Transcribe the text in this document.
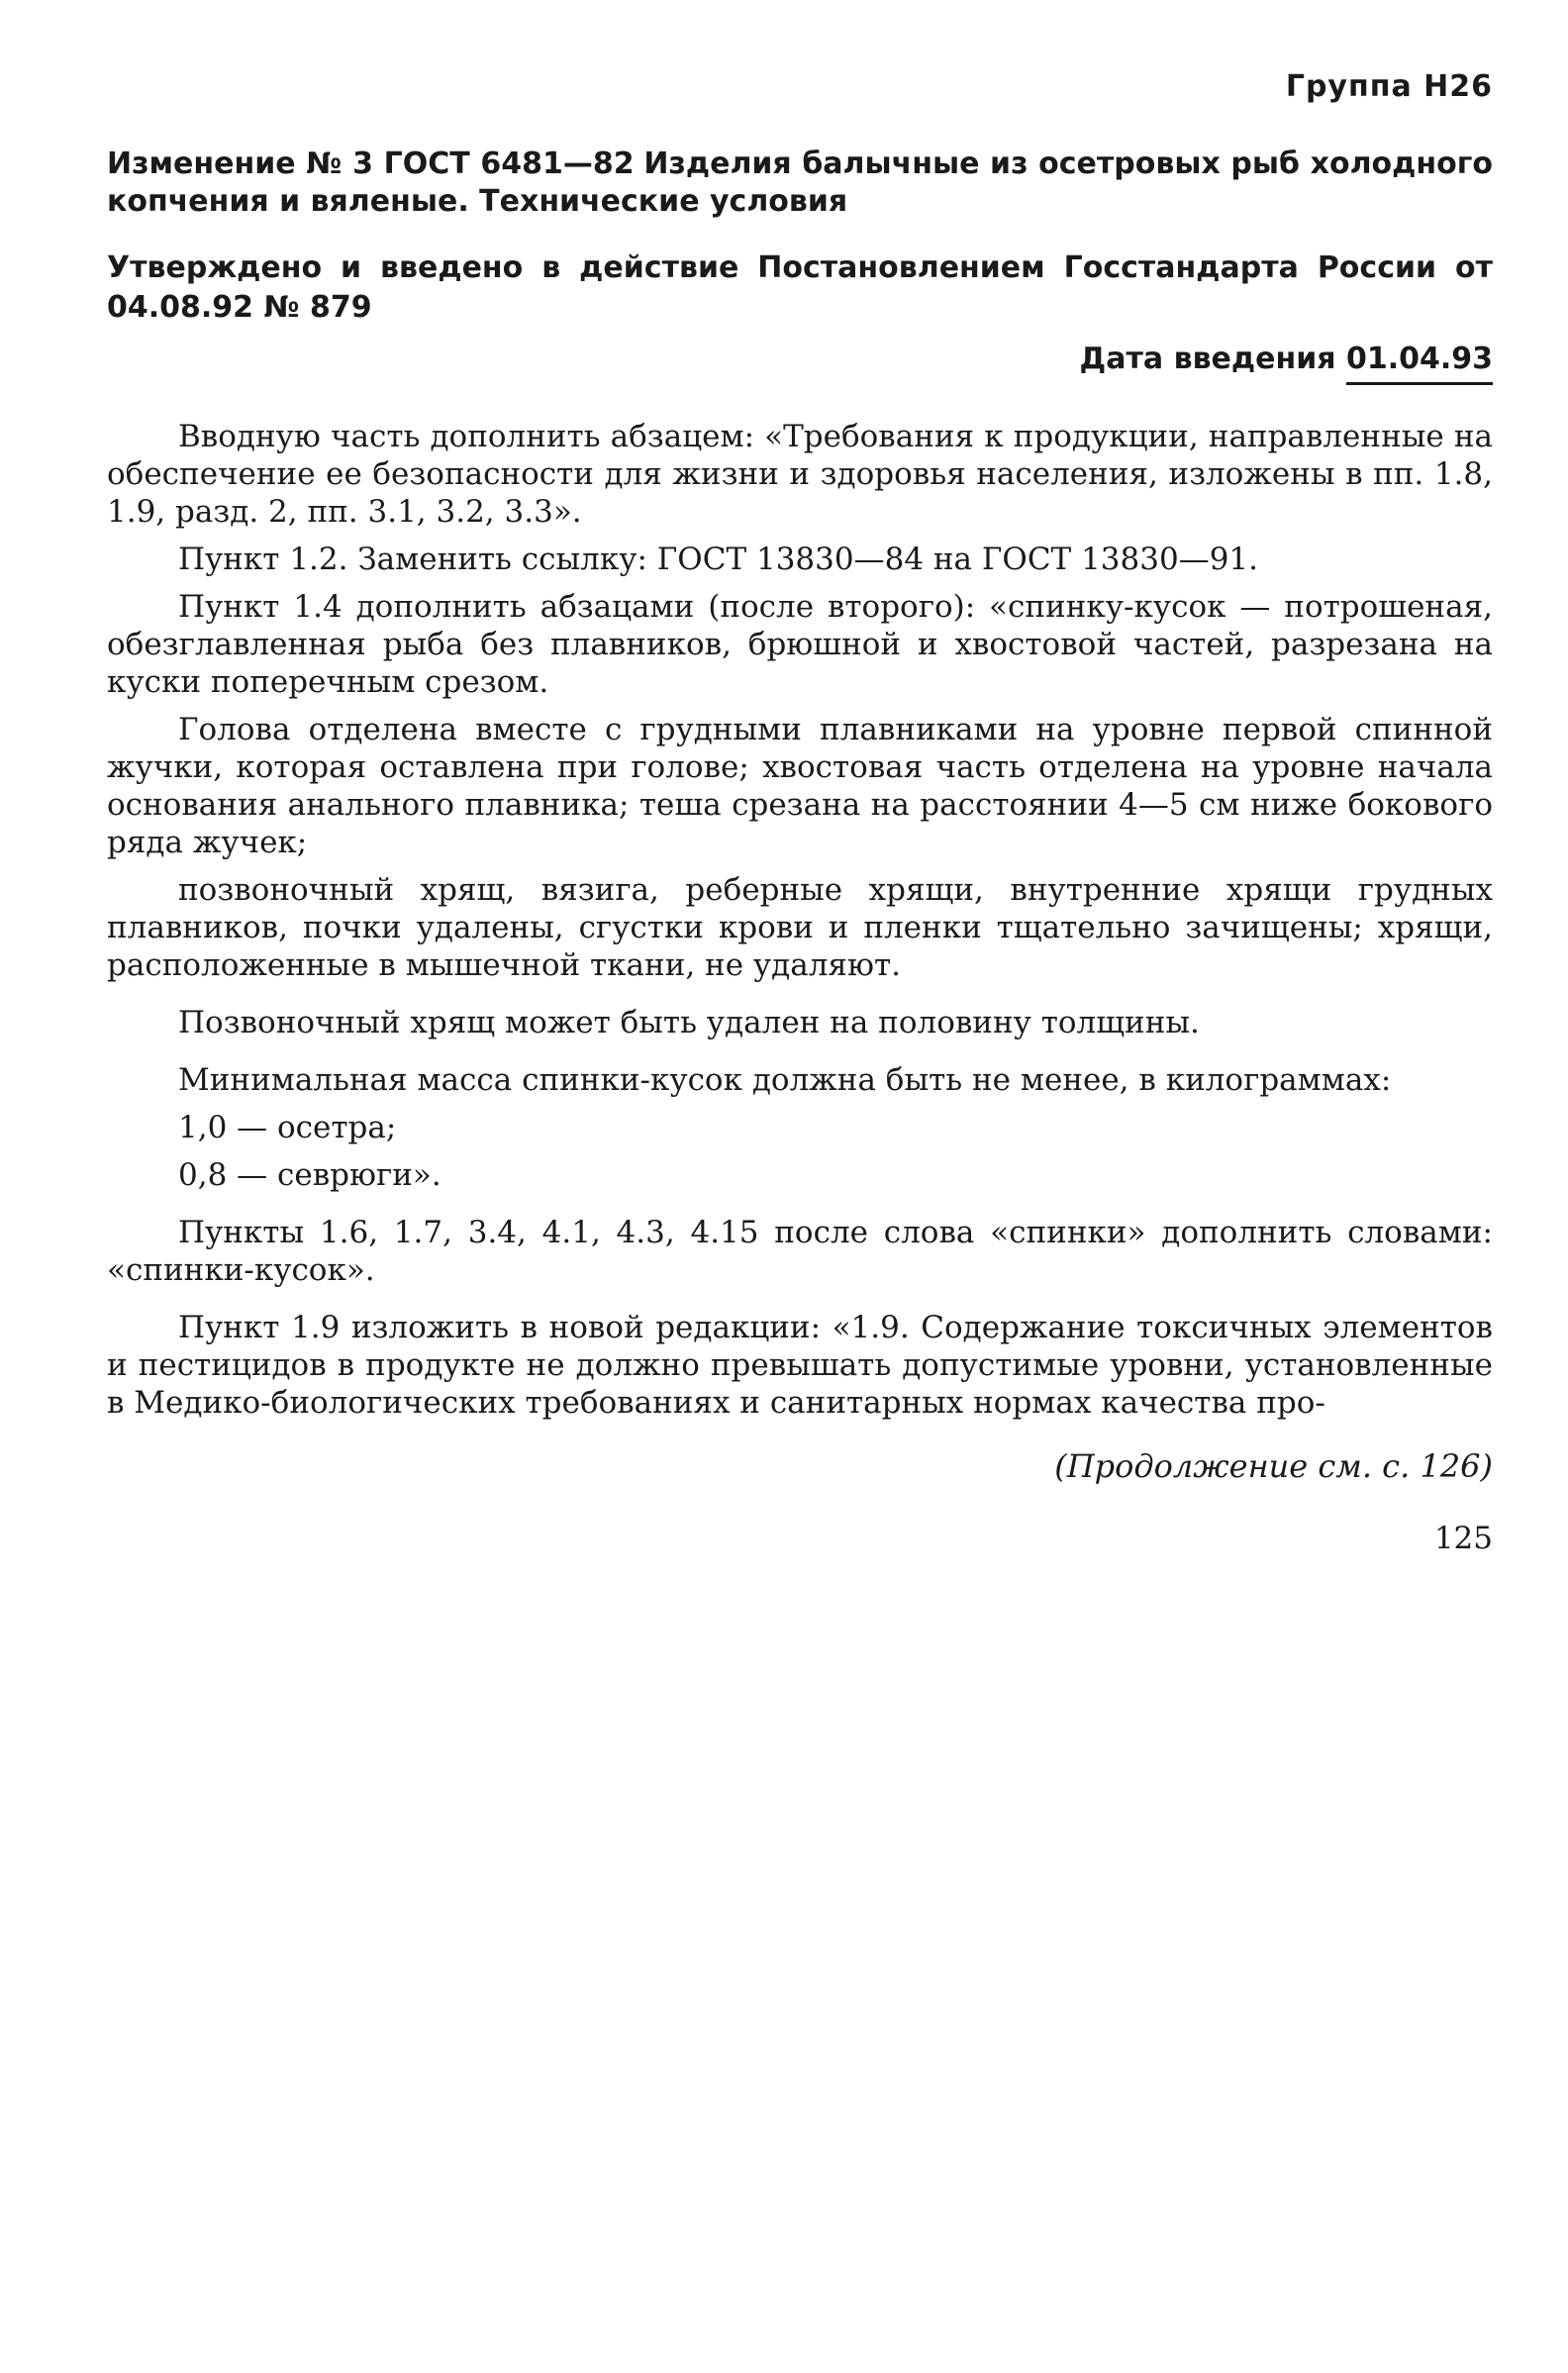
Группа Н26
Изменение № 3 ГОСТ 6481—82 Изделия балычные из осетровых рыб холодного копчения и вяленые. Технические условия
Утверждено и введено в действие Постановлением Госстандарта России от 04.08.92 № 879
Дата введения 01.04.93

Вводную часть дополнить абзацем: «Требования к продукции, направленные на обеспечение ее безопасности для жизни и здоровья населения, изложены в пп. 1.8, 1.9, разд. 2, пп. 3.1, 3.2, 3.3».

Пункт 1.2. Заменить ссылку: ГОСТ 13830—84 на ГОСТ 13830—91.

Пункт 1.4 дополнить абзацами (после второго): «спинку-кусок — потрошеная, обезглавленная рыба без плавников, брюшной и хвостовой частей, разрезана на куски поперечным срезом.

Голова отделена вместе с грудными плавниками на уровне первой спинной жучки, которая оставлена при голове; хвостовая часть отделена на уровне начала основания анального плавника; теша срезана на расстоянии 4—5 см ниже бокового ряда жучек;

позвоночный хрящ, вязига, реберные хрящи, внутренние хрящи грудных плавников, почки удалены, сгустки крови и пленки тщательно зачищены; хрящи, расположенные в мышечной ткани, не удаляют.

Позвоночный хрящ может быть удален на половину толщины.

Минимальная масса спинки-кусок должна быть не менее, в килограммах:

1,0 — осетра;

0,8 — севрюги».

Пункты 1.6, 1.7, 3.4, 4.1, 4.3, 4.15 после слова «спинки» дополнить словами: «спинки-кусок».

Пункт 1.9 изложить в новой редакции: «1.9. Содержание токсичных элементов и пестицидов в продукте не должно превышать допустимые уровни, установленные в Медико-биологических требованиях и санитарных нормах качества про-

(Продолжение см. с. 126)
125
